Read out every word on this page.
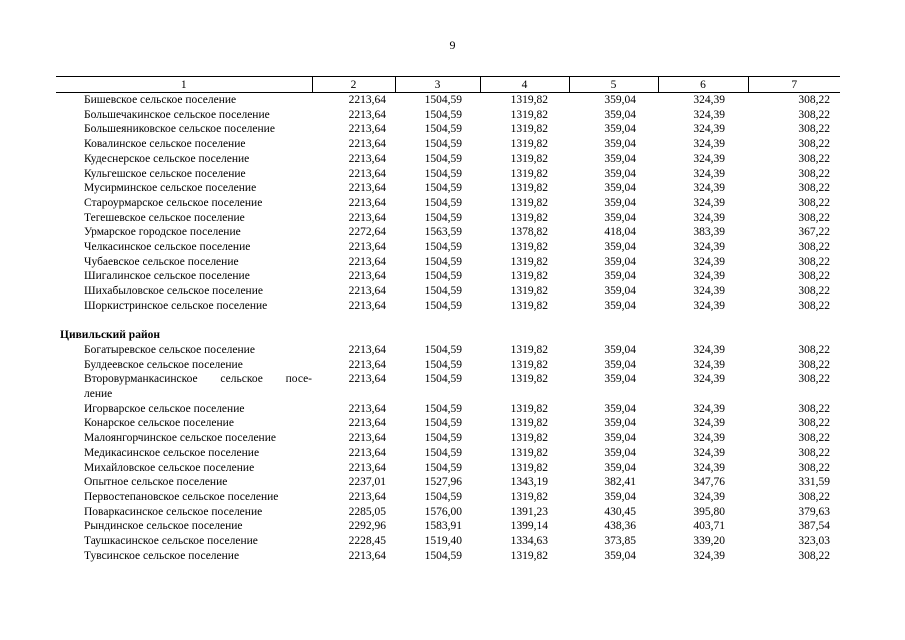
9
1	2	3	4	5	6	7
Бишевское сельское поселение	2213,64	1504,59	1319,82	359,04	324,39	308,22
Большечакинское сельское поселение	2213,64	1504,59	1319,82	359,04	324,39	308,22
Большеяниковское сельское поселение	2213,64	1504,59	1319,82	359,04	324,39	308,22
Ковалинское сельское поселение	2213,64	1504,59	1319,82	359,04	324,39	308,22
Кудеснерское сельское поселение	2213,64	1504,59	1319,82	359,04	324,39	308,22
Кульгешское сельское поселение	2213,64	1504,59	1319,82	359,04	324,39	308,22
Мусирминское сельское поселение	2213,64	1504,59	1319,82	359,04	324,39	308,22
Староурмарское сельское поселение	2213,64	1504,59	1319,82	359,04	324,39	308,22
Тегешевское сельское поселение	2213,64	1504,59	1319,82	359,04	324,39	308,22
Урмарское городское поселение	2272,64	1563,59	1378,82	418,04	383,39	367,22
Челкасинское сельское поселение	2213,64	1504,59	1319,82	359,04	324,39	308,22
Чубаевское сельское поселение	2213,64	1504,59	1319,82	359,04	324,39	308,22
Шигалинское сельское поселение	2213,64	1504,59	1319,82	359,04	324,39	308,22
Шихабыловское сельское поселение	2213,64	1504,59	1319,82	359,04	324,39	308,22
Шоркистринское сельское поселение	2213,64	1504,59	1319,82	359,04	324,39	308,22

Цивильский район						
Богатыревское сельское поселение	2213,64	1504,59	1319,82	359,04	324,39	308,22
Булдеевское сельское поселение	2213,64	1504,59	1319,82	359,04	324,39	308,22

Второвурманкасинское сельское посе-
ление	2213,64	1504,59	1319,82	359,04	324,39	308,22
Игорварское сельское поселение	2213,64	1504,59	1319,82	359,04	324,39	308,22
Конарское сельское поселение	2213,64	1504,59	1319,82	359,04	324,39	308,22
Малоянгорчинское сельское поселение	2213,64	1504,59	1319,82	359,04	324,39	308,22
Медикасинское сельское поселение	2213,64	1504,59	1319,82	359,04	324,39	308,22
Михайловское сельское поселение	2213,64	1504,59	1319,82	359,04	324,39	308,22
Опытное сельское поселение	2237,01	1527,96	1343,19	382,41	347,76	331,59
Первостепановское сельское поселение	2213,64	1504,59	1319,82	359,04	324,39	308,22
Поваркасинское сельское поселение	2285,05	1576,00	1391,23	430,45	395,80	379,63
Рындинское сельское поселение	2292,96	1583,91	1399,14	438,36	403,71	387,54
Таушкасинское сельское поселение	2228,45	1519,40	1334,63	373,85	339,20	323,03
Тувсинское сельское поселение	2213,64	1504,59	1319,82	359,04	324,39	308,22
